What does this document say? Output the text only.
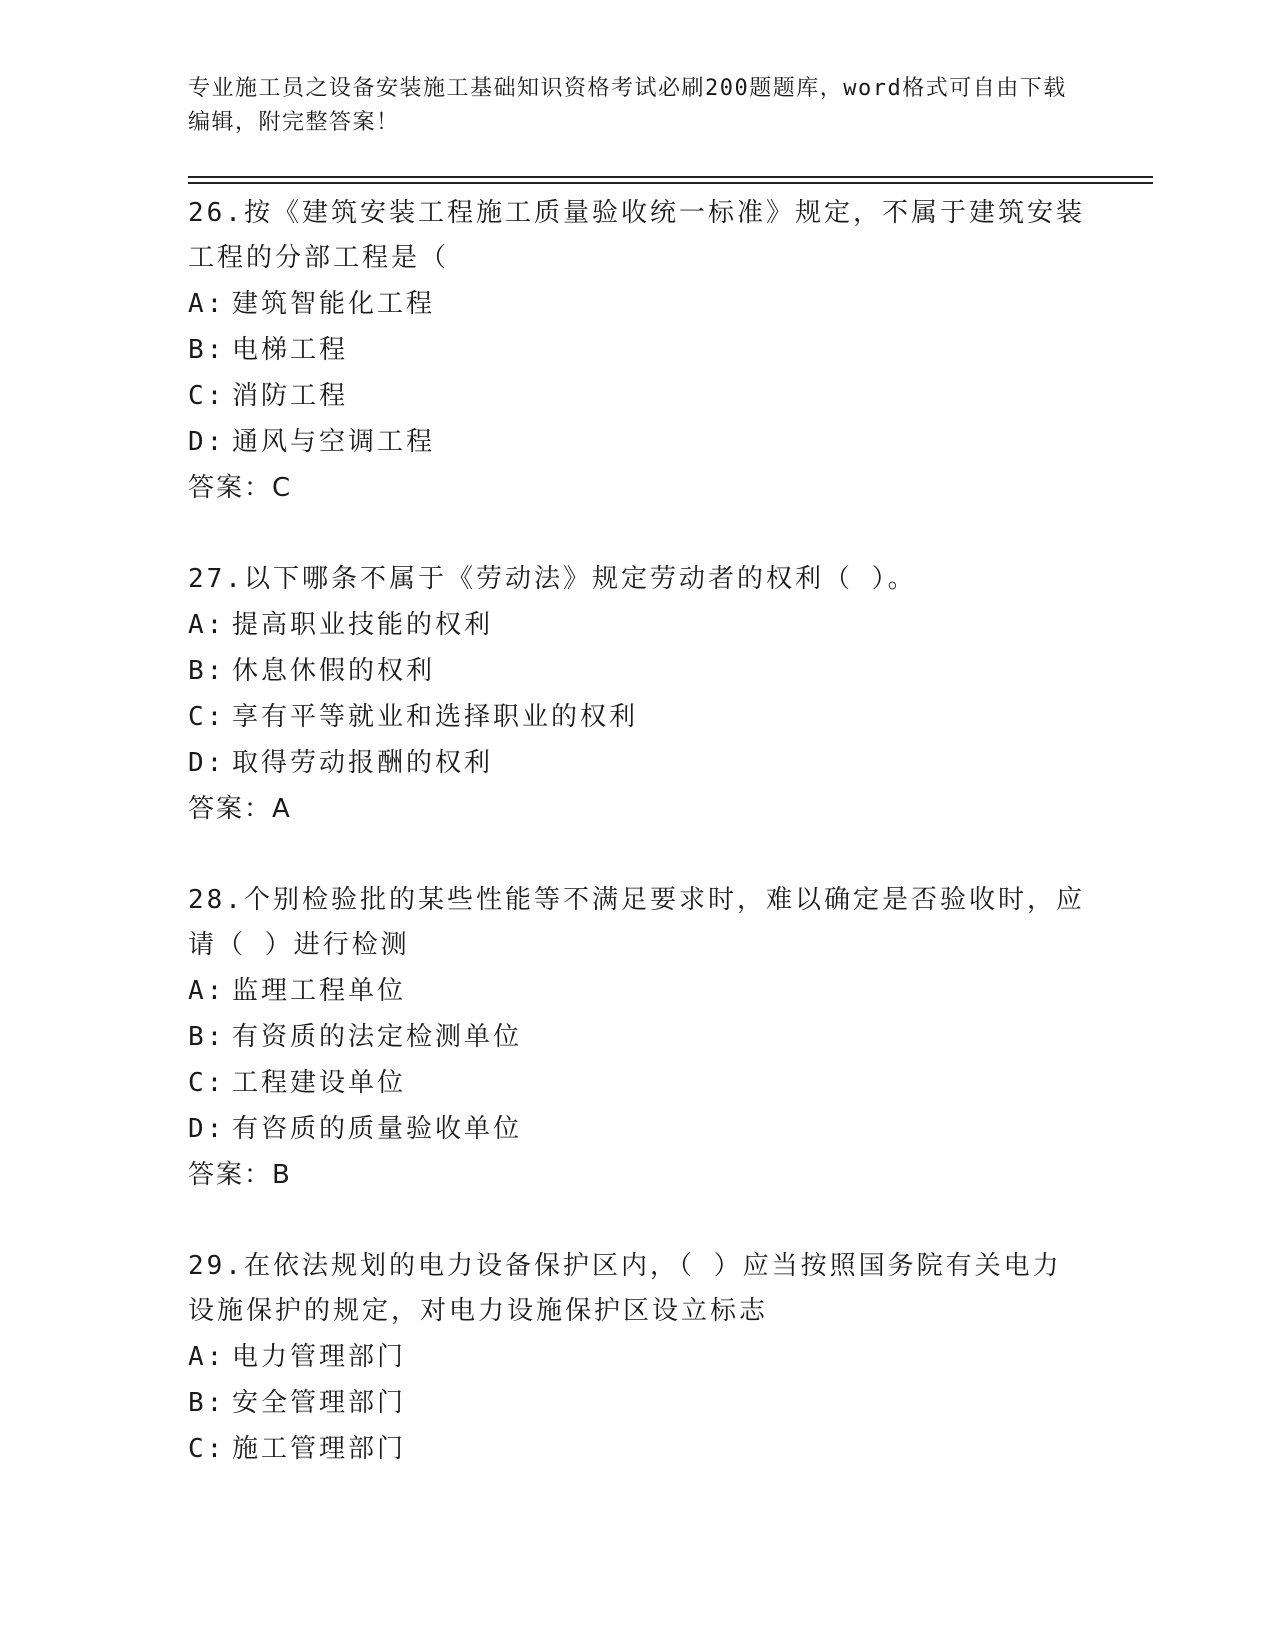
专业施工员之设备安装施工基础知识资格考试必刷200题题库，word格式可自由下载编辑，附完整答案！
26.按《建筑安装工程施工质量验收统一标准》规定，不属于建筑安装工程的分部工程是（
A: 建筑智能化工程
B: 电梯工程
C: 消防工程
D: 通风与空调工程
答案：C
27.以下哪条不属于《劳动法》规定劳动者的权利（ ）。
A: 提高职业技能的权利
B: 休息休假的权利
C: 享有平等就业和选择职业的权利
D: 取得劳动报酬的权利
答案：A
28.个别检验批的某些性能等不满足要求时，难以确定是否验收时，应请（ ）进行检测
A: 监理工程单位
B: 有资质的法定检测单位
C: 工程建设单位
D: 有咨质的质量验收单位
答案：B
29.在依法规划的电力设备保护区内，（ ）应当按照国务院有关电力设施保护的规定，对电力设施保护区设立标志
A: 电力管理部门
B: 安全管理部门
C: 施工管理部门
